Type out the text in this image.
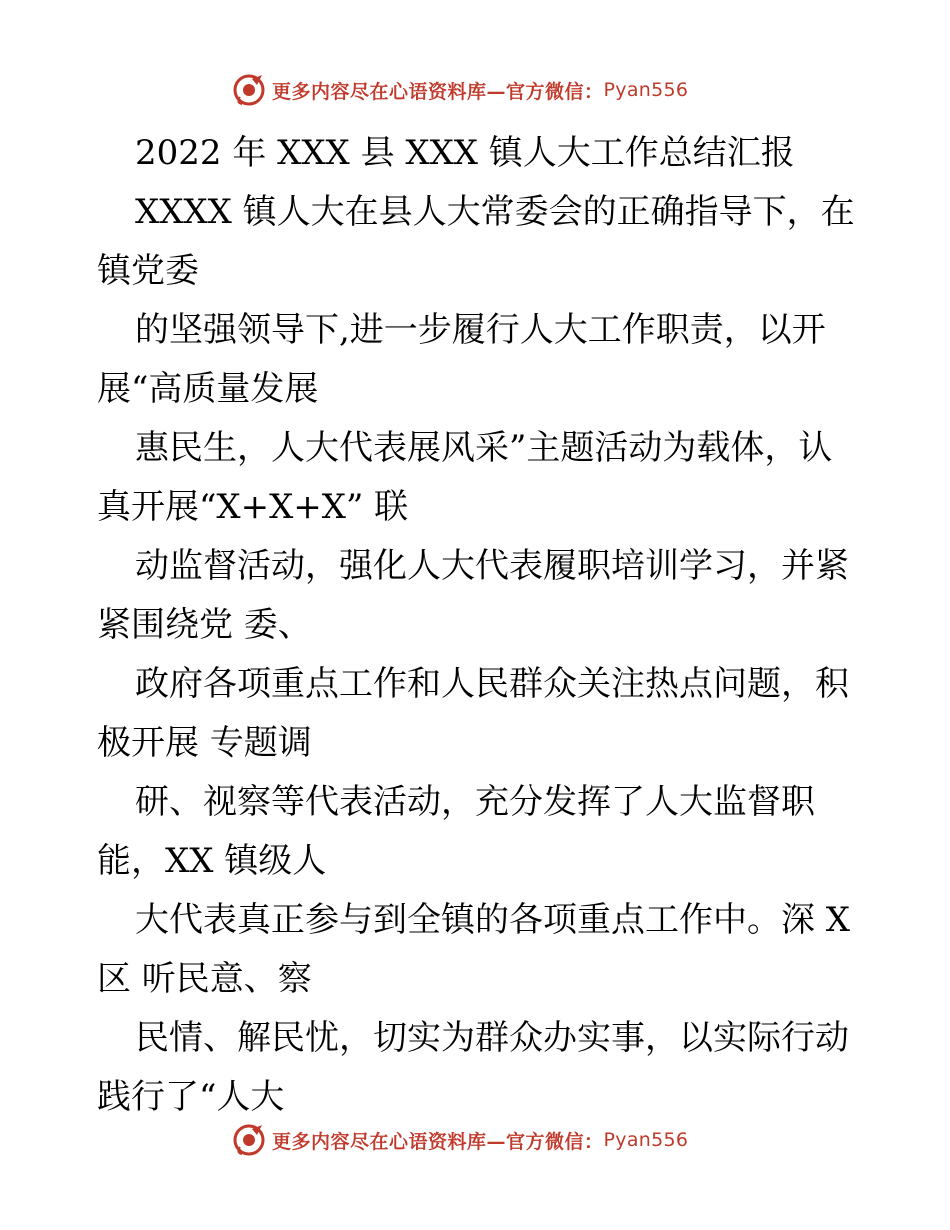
更多内容尽在心语资料库—官方微信： Pyan556
2022 年 XXX 县 XXX 镇人大工作总结汇报
XXXX 镇人大在县人大常委会的正确指导下，在
镇党委
的坚强领导下,进一步履行人大工作职责，以开
展“高质量发展
惠民生，人大代表展风采”主题活动为载体，认
真开展“X+X+X” 联
动监督活动，强化人大代表履职培训学习，并紧
紧围绕党 委、
政府各项重点工作和人民群众关注热点问题，积
极开展 专题调
研、视察等代表活动，充分发挥了人大监督职
能，XX 镇级人
大代表真正参与到全镇的各项重点工作中。深 X
区 听民意、察
民情、解民忧，切实为群众办实事，以实际行动
践行了“人大
更多内容尽在心语资料库—官方微信： Pyan556
